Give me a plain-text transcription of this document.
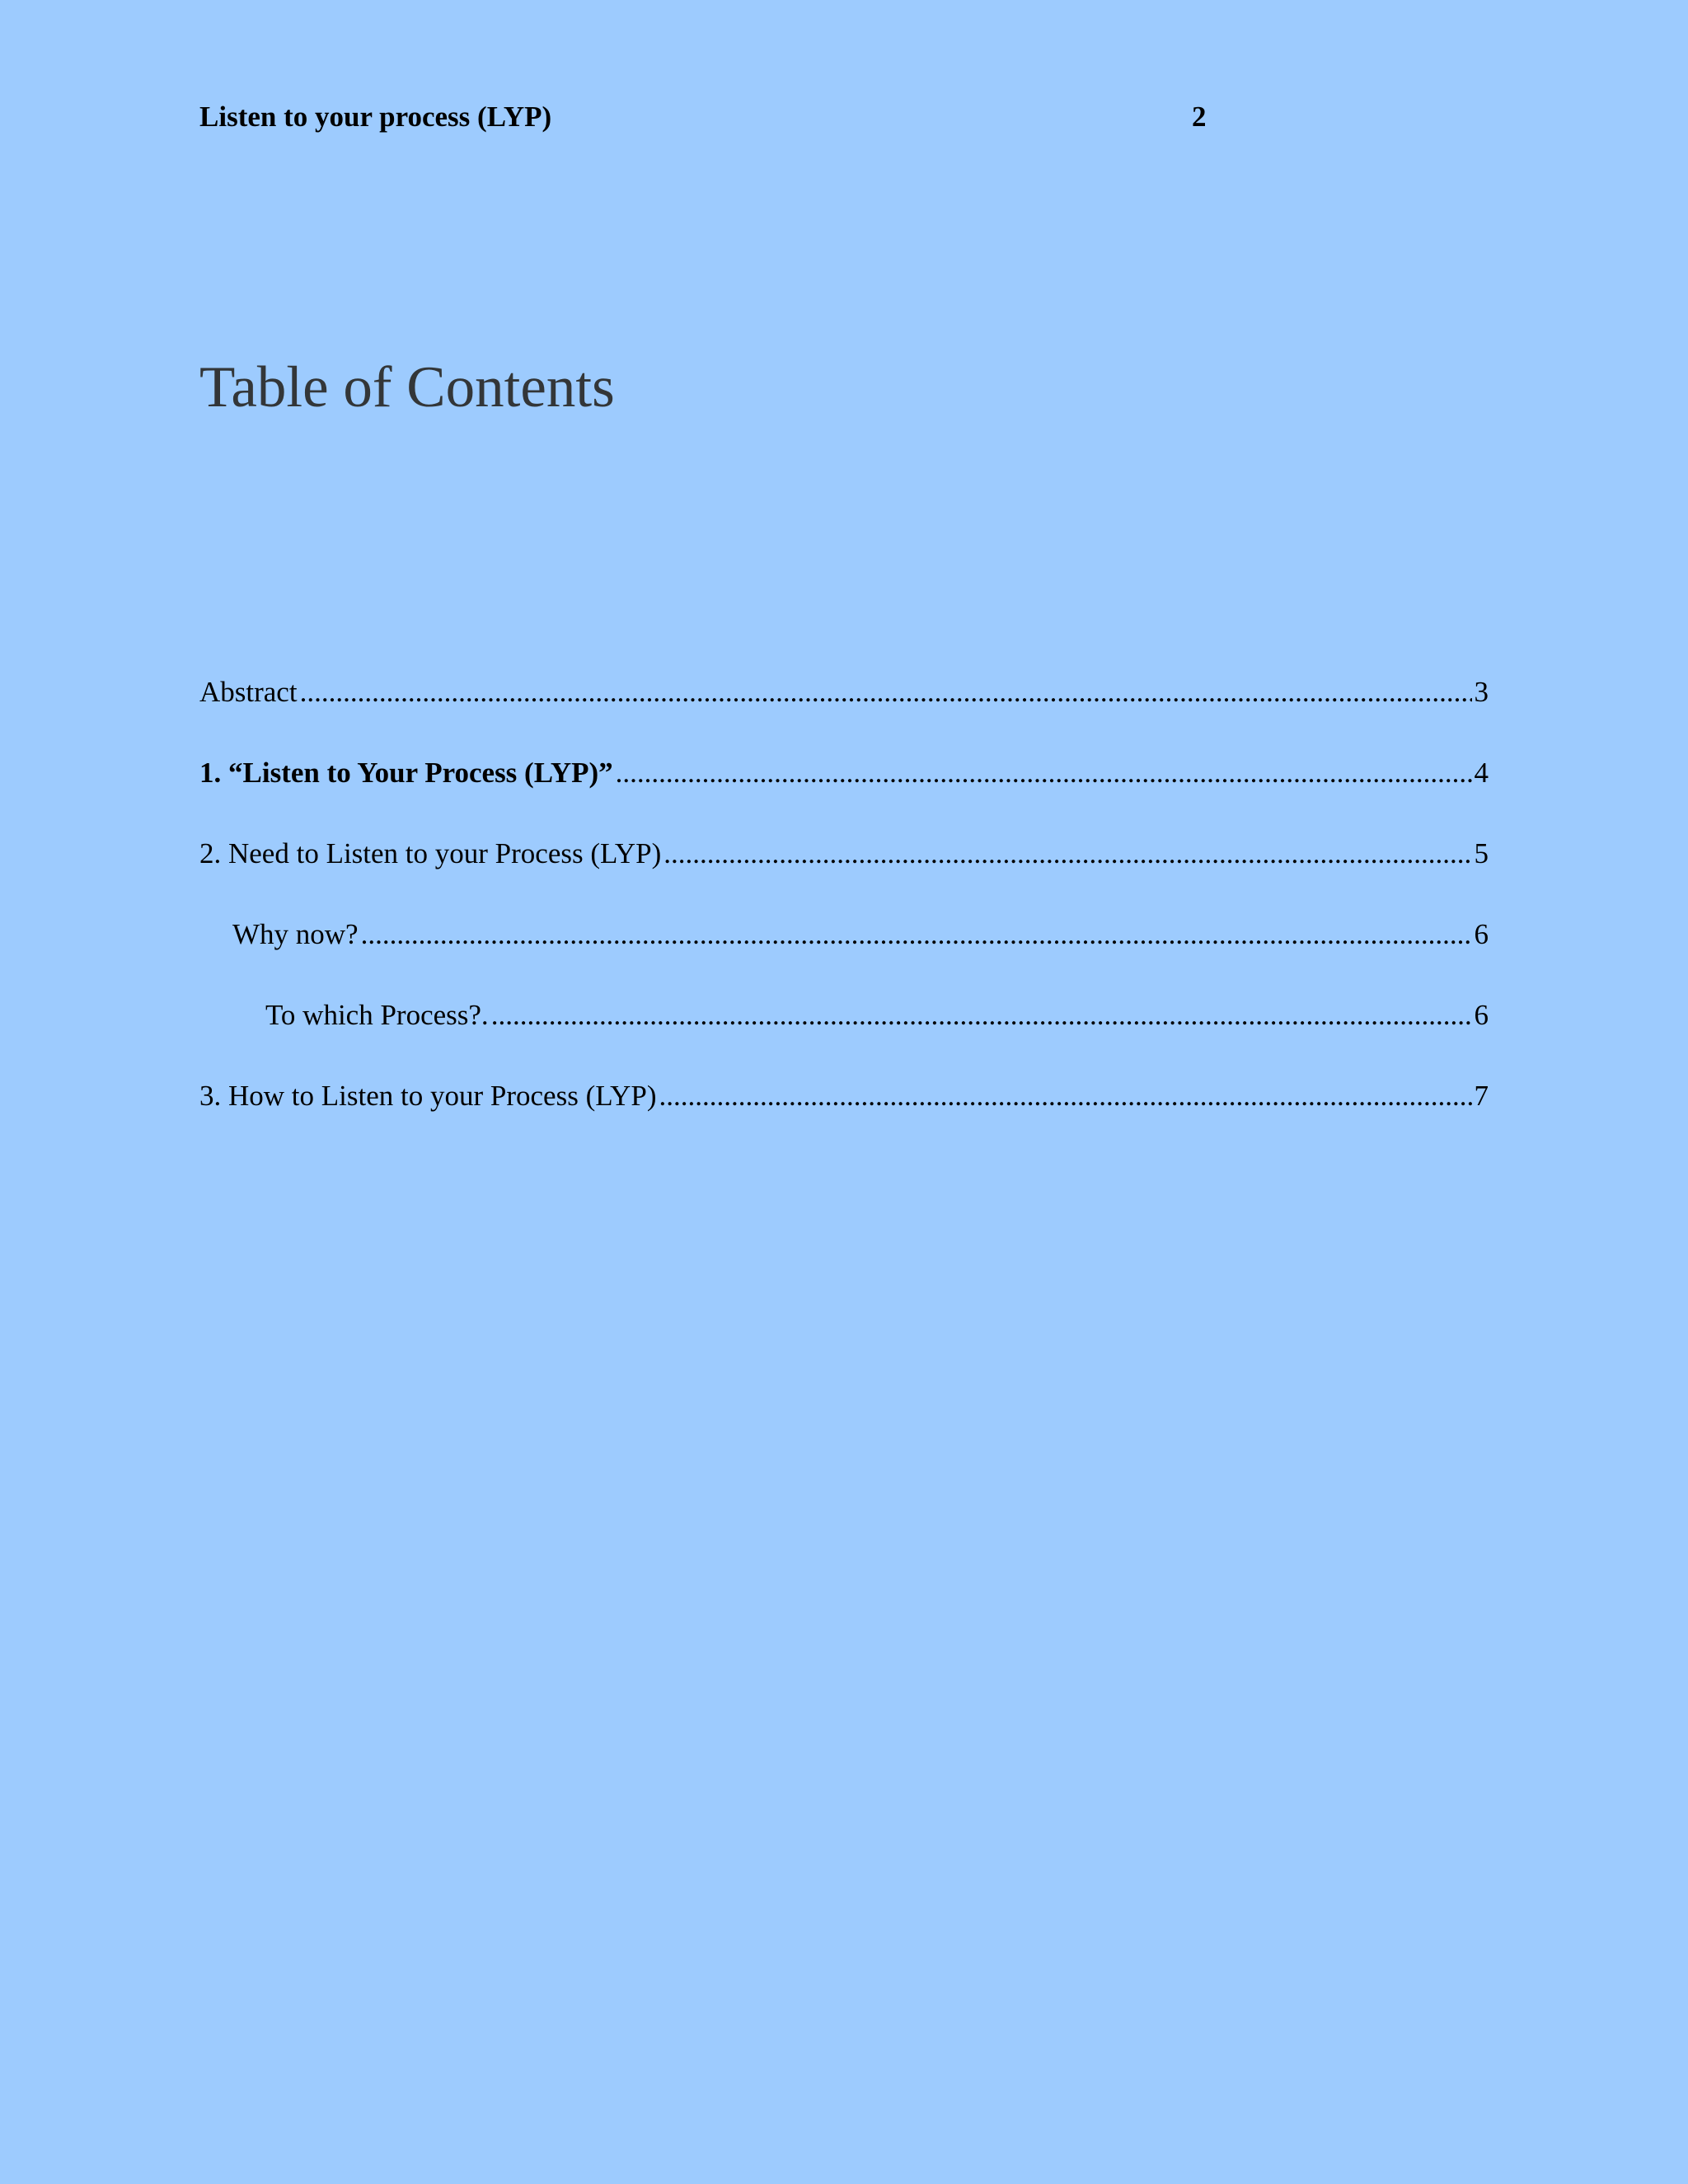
Listen to your process (LYP)	2
Table of Contents
Abstract .....	3
1. “Listen to Your Process (LYP)” .....	4
2. Need to Listen to your Process (LYP) .....	5
Why now? .....	6
To which Process?. .....	6
3. How to Listen to your Process (LYP) .....	7
